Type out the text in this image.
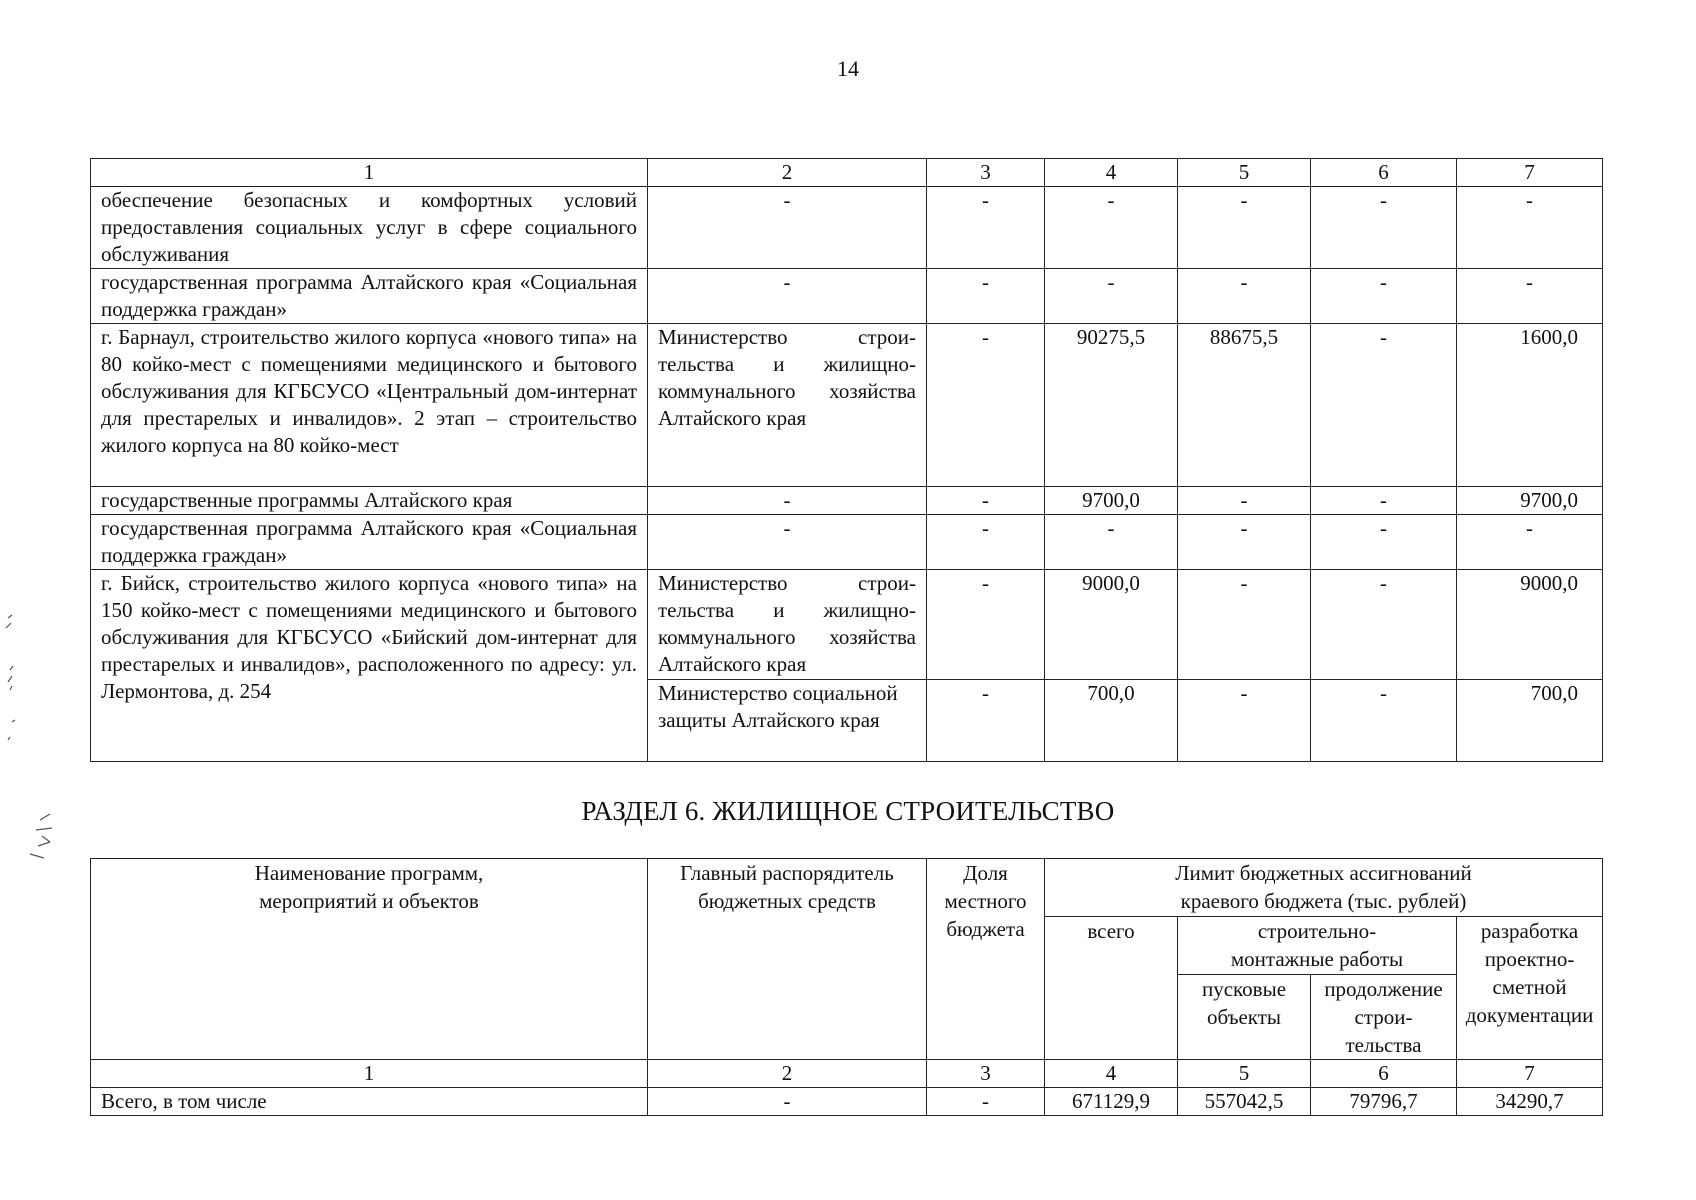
14
1	2	3	4	5	6	7
обеспечение безопасных и комфортных условий предоставления социальных услуг в сфере социального обслуживания	-	-	-	-	-	-
государственная программа Алтайского края «Социальная поддержка граждан»	-	-	-	-	-	-
г. Барнаул, строительство жилого корпуса «нового типа» на 80 койко-мест с помещениями медицинского и бытового обслуживания для КГБСУСО «Центральный дом-интернат для престарелых и инвалидов». 2 этап – строительство жилого корпуса на 80 койко-мест	Министерство строительства и жилищно-коммунального хозяйства Алтайского края	-	90275,5	88675,5	-	1600,0
государственные программы Алтайского края	-	-	9700,0	-	-	9700,0
государственная программа Алтайского края «Социальная поддержка граждан»	-	-	-	-	-	-
г. Бийск, строительство жилого корпуса «нового типа» на 150 койко-мест с помещениями медицинского и бытового обслуживания для КГБСУСО «Бийский дом-интернат для престарелых и инвалидов», расположенного по адресу: ул. Лермонтова, д. 254	Министерство строительства и жилищно-коммунального хозяйства Алтайского края	-	9000,0	-	-	9000,0
	Министерство социальной защиты Алтайского края	-	700,0	-	-	700,0
РАЗДЕЛ 6. ЖИЛИЩНОЕ СТРОИТЕЛЬСТВО
Наименование программ, мероприятий и объектов	Главный распорядитель бюджетных средств	Доля местного бюджета	Лимит бюджетных ассигнований краевого бюджета (тыс. рублей)			
			всего	строительно-монтажные работы		разработка проектно-сметной документации
				пусковые объекты	продолжение строительства	

1	2	3	4	5	6	7
Всего, в том числе	-	-	671129,9	557042,5	79796,7	34290,7
